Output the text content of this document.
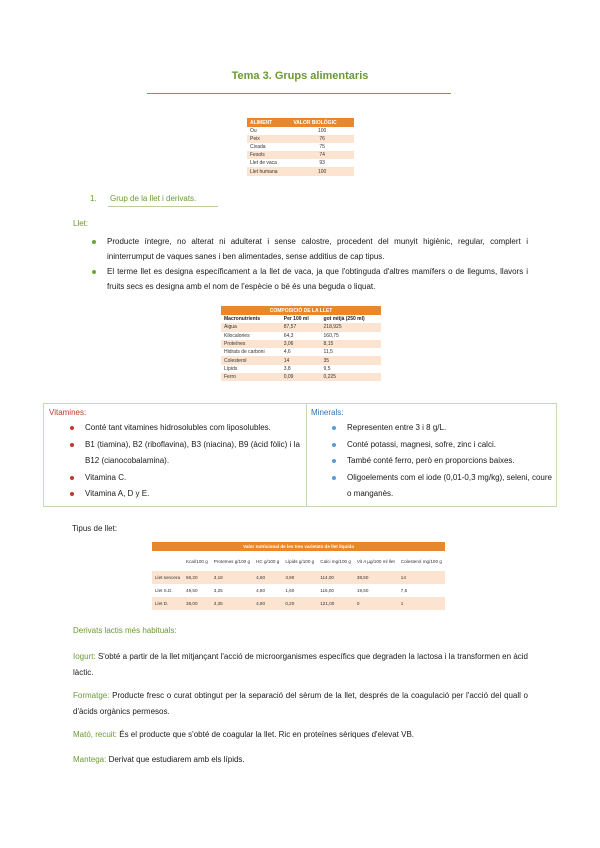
Tema 3. Grups alimentaris
ALIMENT	VALOR BIOLÒGIC
Ou	100
Peix	76
Civada	75
Fesols	74
Llet de vaca	93
Llet humana	100
1. Grup de la llet i derivats.
Llet:
Producte íntegre, no alterat ni adulterat i sense calostre, procedent del munyit higiènic, regular, complert i ininterrumput de vaques sanes i ben alimentades, sense additius de cap tipus.
El terme llet es designa específicament a la llet de vaca, ja que l'obtinguda d'altres mamífers o de llegums, llavors i fruits secs es designa amb el nom de l'espècie o bé és una beguda o liquat.
COMPOSICIÓ DE LA LLET		
Macronutrients	Per 100 ml	got mitjà (250 ml)
Aigua	87,57	218,925
Kilocalories	64,3	160,75
Proteïnes	3,06	8,15
Hidrats de carboni	4,6	11,5
Colesterol	14	35
Lípids	3,8	9,5
Ferro	0,09	0,225
Vitamines:
Conté tant vitamines hidrosolubles com liposolubles.
B1 (tiamina), B2 (riboflavina), B3 (niacina), B9 (àcid fòlic) i la B12 (cianocobalamina).
Vitamina C.
Vitamina A, D y E.
Minerals:
Representen entre 3 i 8 g/L.
Conté potassi, magnesi, sofre, zinc i calci.
També conté ferro, però en proporcions baixes.
Oligoelements com el iode (0,01-0,3 mg/kg), seleni, coure o manganès.
Tipus de llet:
Valor nutricional de les tres varietats de llet líquida							
	Kcal/100 g	Proteïnes g/100 g	HC g/100 g	Lípids g/100 g	Calci mg/100 g	Vit A µg/100 ml llet	Colesterol mg/100 g
Llet sencera	66,20	3,18	4,60	3,90	114,00	38,50	14
Llet S.D.	49,50	3,25	4,80	1,60	116,00	19,50	7,5
Llet D.	36,00	3,35	4,90	0,20	121,00	0	1
Derivats lactis més habituals:
Iogurt: S'obté a partir de la llet mitjançant l'acció de microorganismes específics que degraden la lactosa i la transformen en àcid làctic.
Formatge: Producte fresc o curat obtingut per la separació del sèrum de la llet, després de la coagulació per l'acció del quall o d'àcids orgànics permesos.
Mató, recuit: És el producte que s'obté de coagular la llet. Ric en proteïnes sèriques d'elevat VB.
Mantega: Derivat que estudiarem amb els lípids.
